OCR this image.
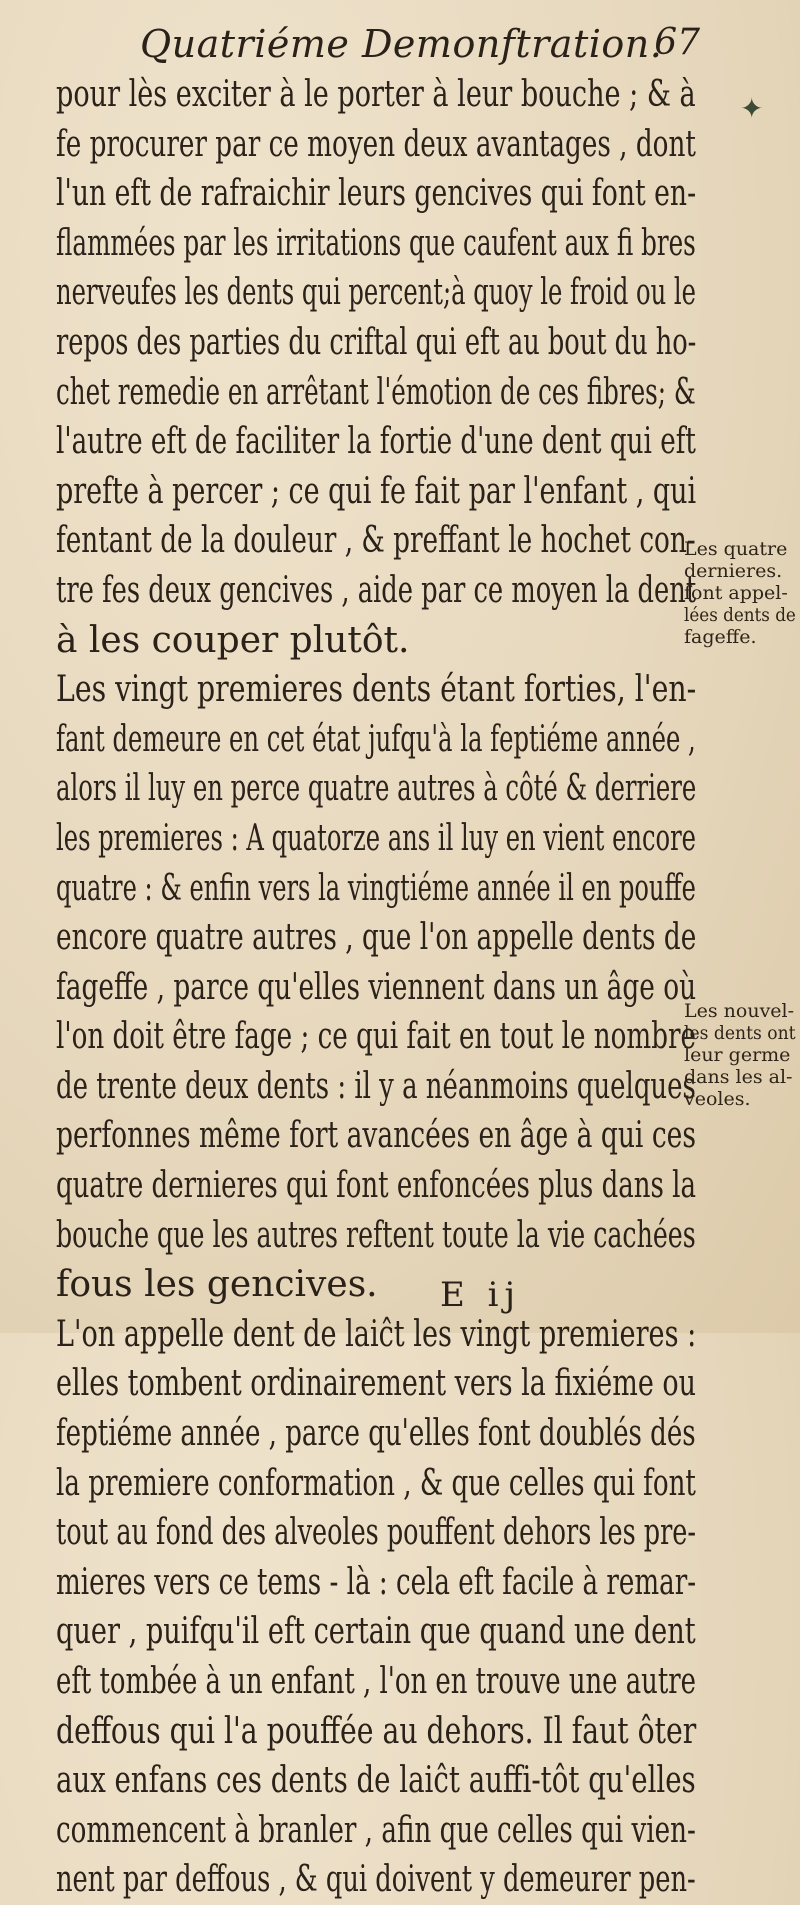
Quatriéme Demonftration.
67
✦
pour lès exciter à le porter à leur bouche ; & à
fe procurer par ce moyen deux avantages , dont
l'un eft de rafraichir leurs gencives qui font en-
flammées par les irritations que caufent aux fi bres
nerveufes les dents qui percent;à quoy le froid ou le
repos des parties du criftal qui eft au bout du ho-
chet remedie en arrêtant l'émotion de ces fibres; &
l'autre eft de faciliter la fortie d'une dent qui eft
prefte à percer ; ce qui fe fait par l'enfant , qui
fentant de la douleur , & preffant le hochet con-
tre fes deux gencives , aide par ce moyen la dent
à les couper plutôt.
Les vingt premieres dents étant forties, l'en-
fant demeure en cet état jufqu'à la feptiéme année ,
alors il luy en perce quatre autres à côté & derriere
les premieres : A quatorze ans il luy en vient encore
quatre : & enfin vers la vingtiéme année il en pouffe
encore quatre autres , que l'on appelle dents de
fageffe , parce qu'elles viennent dans un âge où
l'on doit être fage ; ce qui fait en tout le nombre
de trente deux dents : il y a néanmoins quelques
perfonnes même fort avancées en âge à qui ces
quatre dernieres qui font enfoncées plus dans la
bouche que les autres reftent toute la vie cachées
fous les gencives.
L'on appelle dent de laiĉt les vingt premieres :
elles tombent ordinairement vers la fixiéme ou
feptiéme année , parce qu'elles font doublés dés
la premiere conformation , & que celles qui font
tout au fond des alveoles pouffent dehors les pre-
mieres vers ce tems - là : cela eft facile à remar-
quer , puifqu'il eft certain que quand une dent
eft tombée à un enfant , l'on en trouve une autre
deffous qui l'a pouffée au dehors. Il faut ôter
aux enfans ces dents de laiĉt auffi-tôt qu'elles
commencent à branler , afin que celles qui vien-
nent par deffous , & qui doivent y demeurer pen-
Les quatre
dernieres.
font appel-
lées dents de
fageffe.
Les nouvel-
les dents ont
leur germe
dans les al-
veoles.
E ij
